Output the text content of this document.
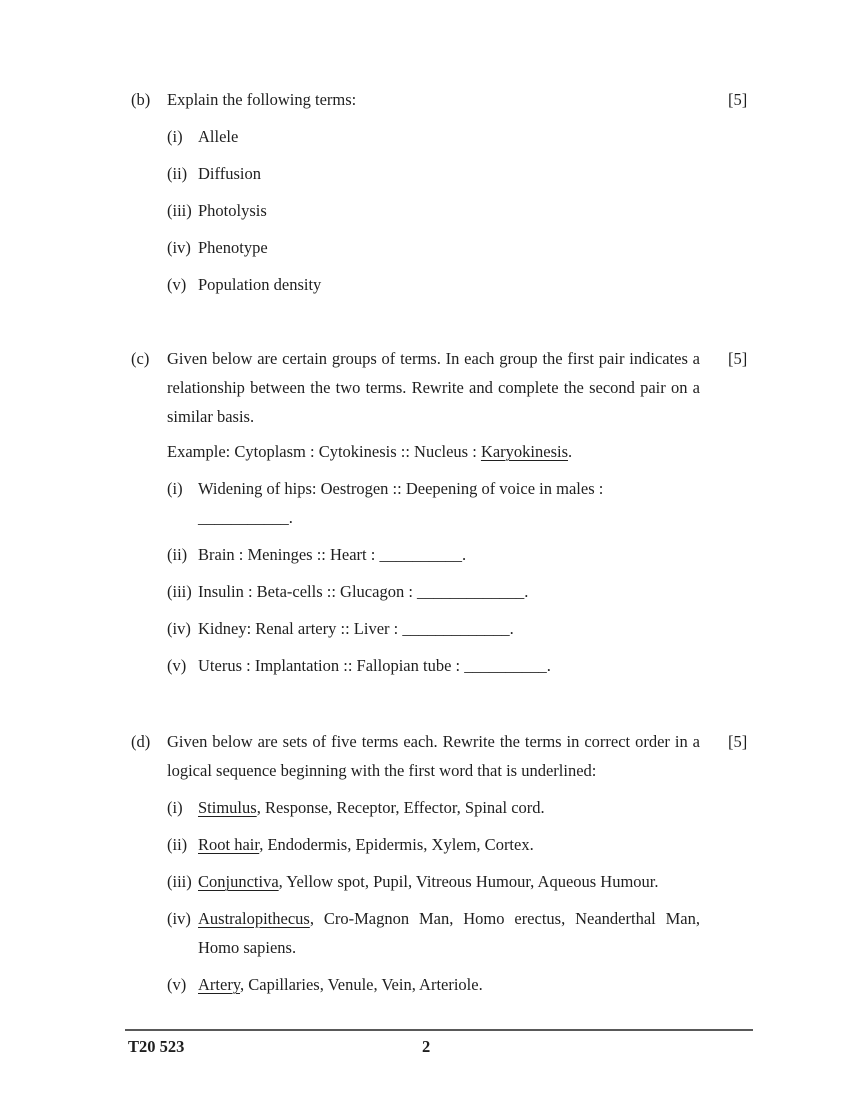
(b)	Explain the following terms:
(i) Allele
(ii) Diffusion
(iii) Photolysis
(iv) Phenotype
(v) Population density
[5]
(c)	Given below are certain groups of terms. In each group the first pair indicates a
relationship between the two terms. Rewrite and complete the second pair on a
similar basis.
Example: Cytoplasm : Cytokinesis :: Nucleus : Karyokinesis.
(i) Widening of hips: Oestrogen :: Deepening of voice in males : ___________.
(ii) Brain : Meninges :: Heart : __________.
(iii) Insulin : Beta-cells :: Glucagon : _____________.
(iv) Kidney: Renal artery :: Liver : _____________.
(v) Uterus : Implantation :: Fallopian tube : __________.
[5]
(d)	Given below are sets of five terms each. Rewrite the terms in correct order in a
logical sequence beginning with the first word that is underlined:
(i) Stimulus, Response, Receptor, Effector, Spinal cord.
(ii) Root hair, Endodermis, Epidermis, Xylem, Cortex.
(iii) Conjunctiva, Yellow spot, Pupil, Vitreous Humour, Aqueous Humour.
(iv) Australopithecus, Cro-Magnon Man, Homo erectus, Neanderthal Man,
Homo sapiens.
(v) Artery, Capillaries, Venule, Vein, Arteriole.
[5]
T20 523	2
